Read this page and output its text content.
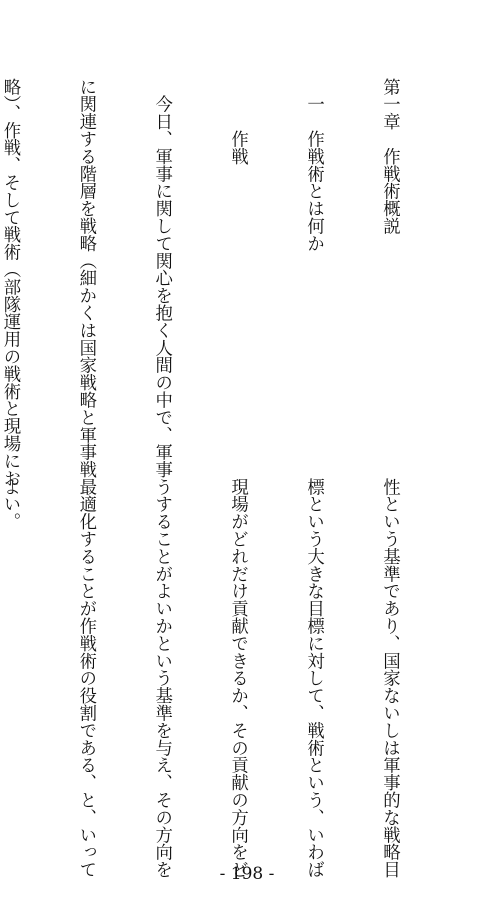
第一章　作戦術概説

　一　作戦術とは何か

　　　作戦

　今日、軍事に関して関心を抱く人間の中で、軍事

に関連する階層を戦略（細かくは国家戦略と軍事戦

略）、作戦、そして戦術（部隊運用の戦術と現場にお

性という基準であり、国家ないしは軍事的な戦略目

標という大きな目標に対して、戦術という、いわば

現場がどれだけ貢献できるか、その貢献の方向をど

うすることがよいかという基準を与え、その方向を

最適化することが作戦術の役割である、と、いって

よい。

- 198 -
